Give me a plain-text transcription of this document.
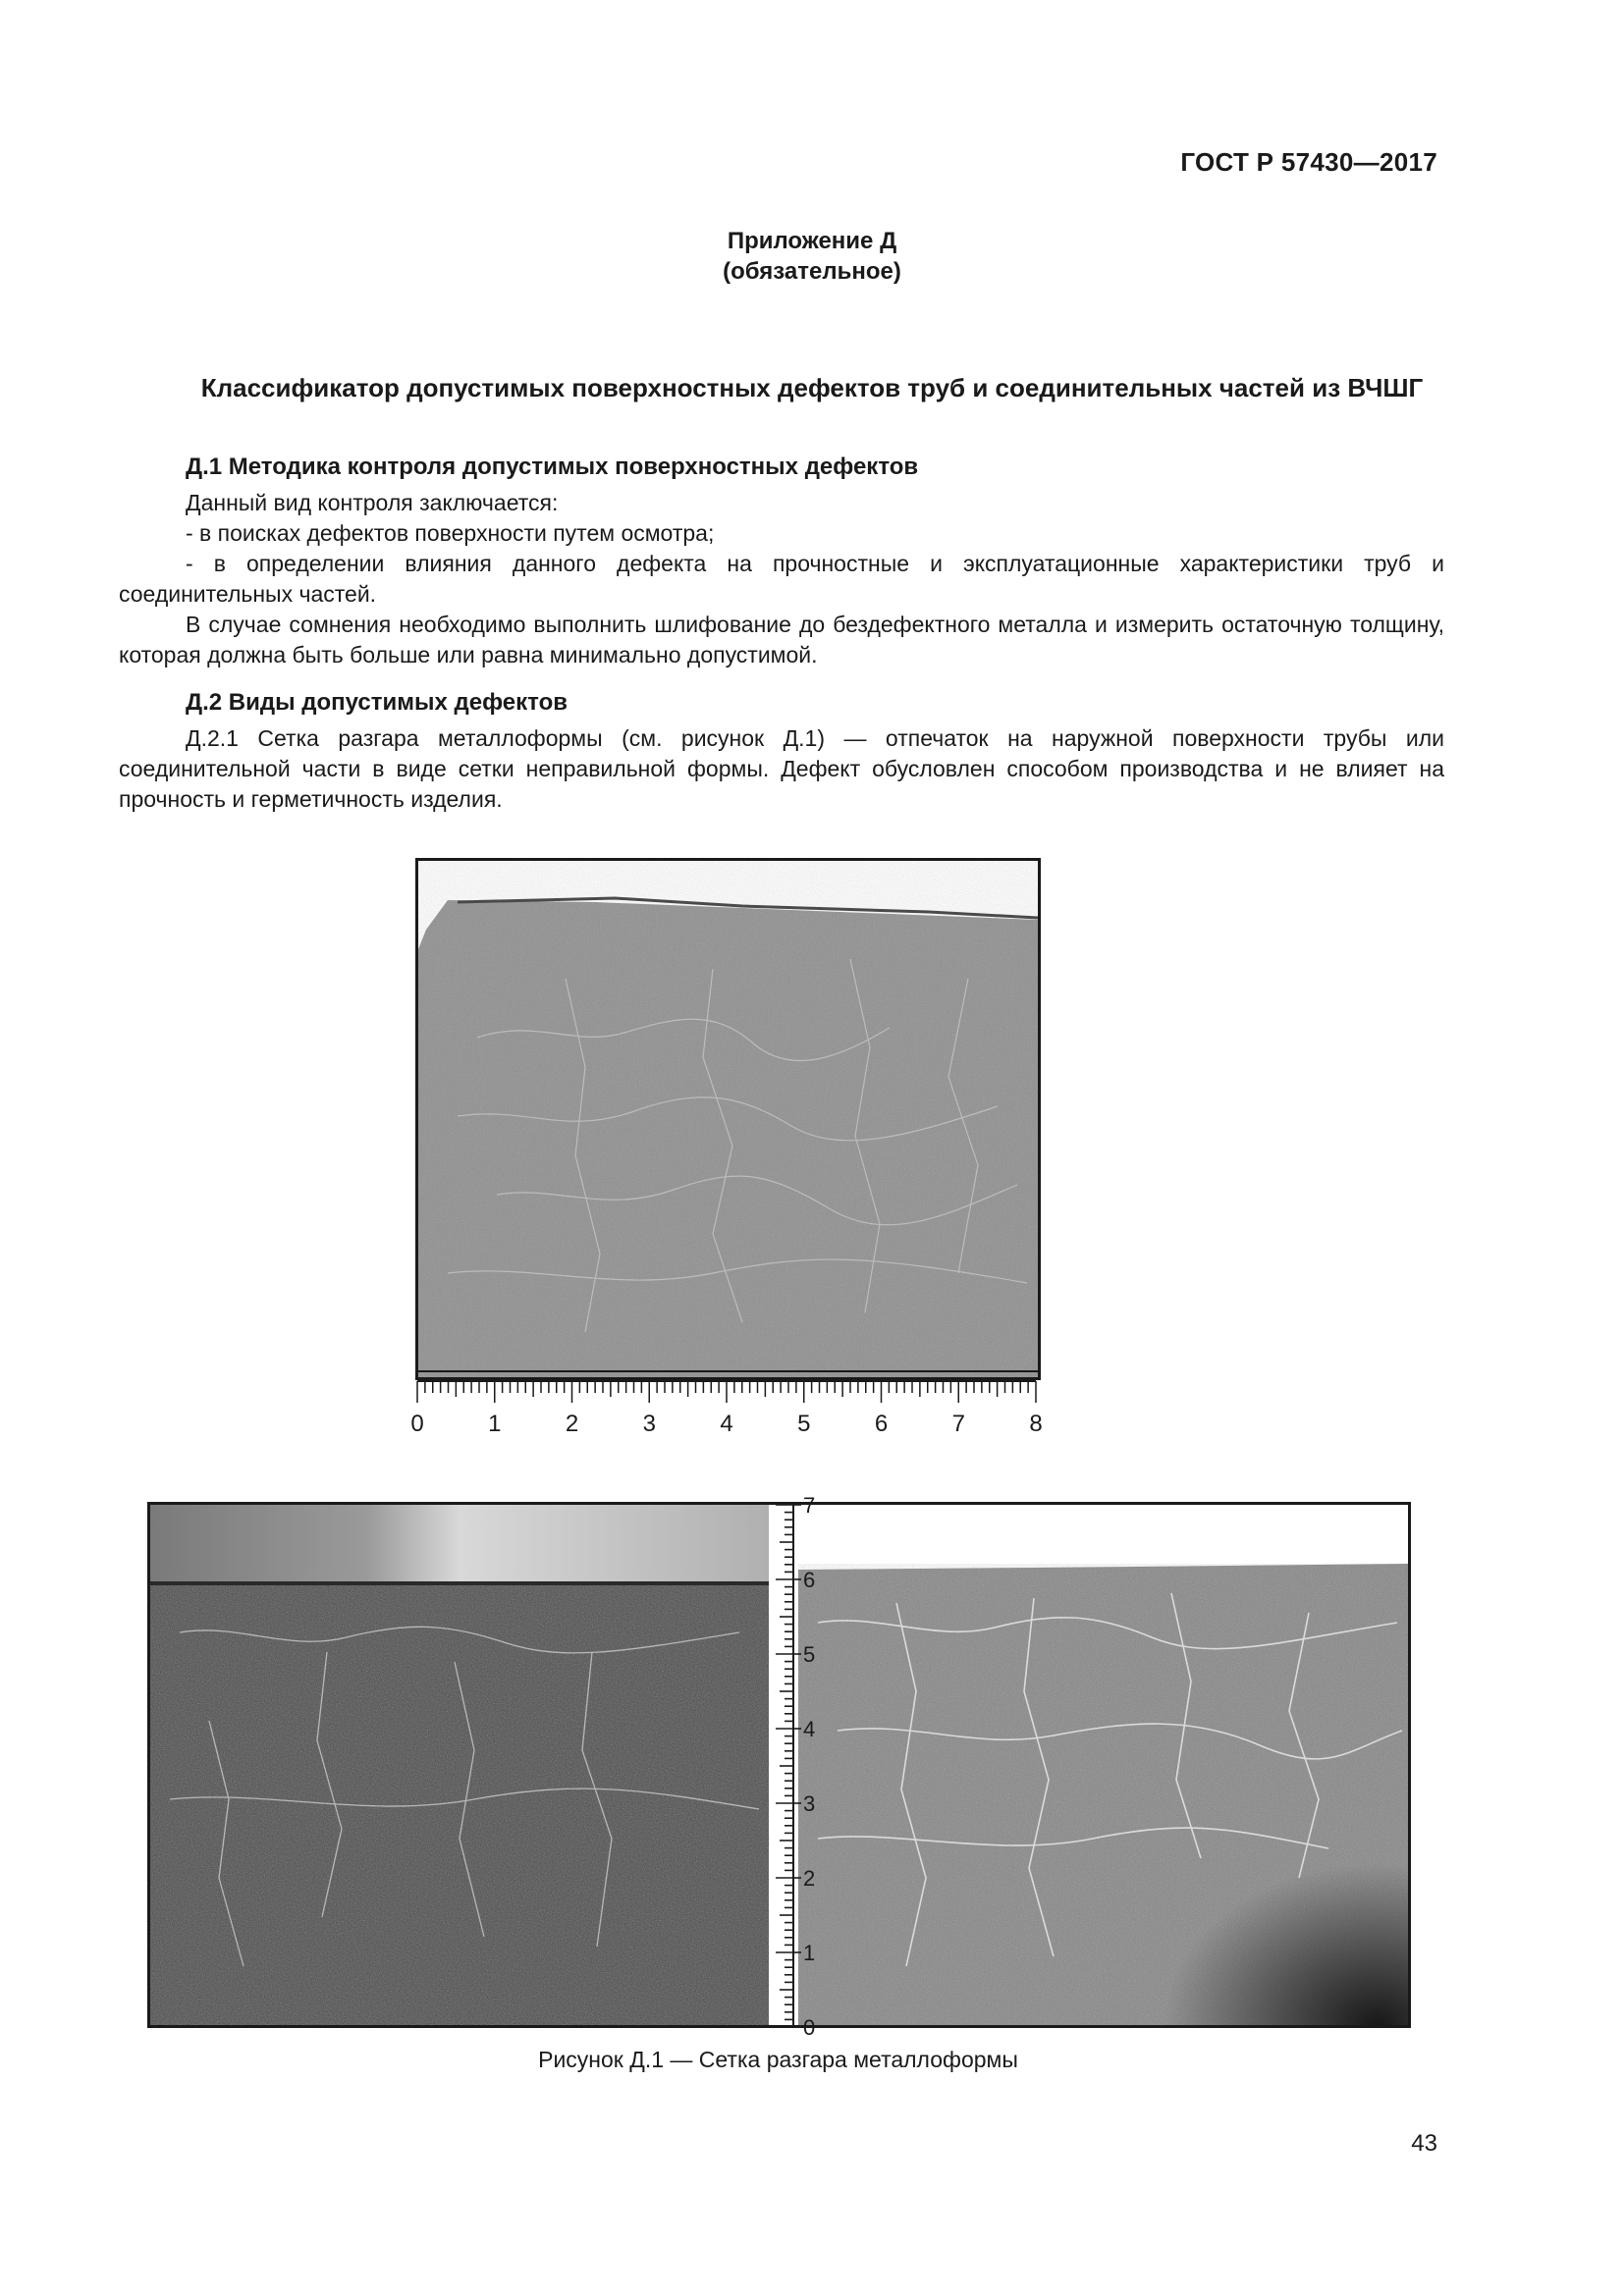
ГОСТ Р 57430—2017
Приложение Д
(обязательное)
Классификатор допустимых поверхностных дефектов труб и соединительных частей из ВЧШГ
Д.1 Методика контроля допустимых поверхностных дефектов

Данный вид контроля заключается:

- в поисках дефектов поверхности путем осмотра;

- в определении влияния данного дефекта на прочностные и эксплуатационные характеристики труб и соединительных частей.

В случае сомнения необходимо выполнить шлифование до бездефектного металла и измерить остаточную толщину, которая должна быть больше или равна минимально допустимой.

Д.2 Виды допустимых дефектов

Д.2.1 Сетка разгара металлоформы (см. рисунок Д.1) — отпечаток на наружной поверхности трубы или соединительной части в виде сетки неправильной формы. Дефект обусловлен способом производства и не влияет на прочность и герметичность изделия.

0	1	2	3	4	5	6	7	8
0
1
2
3
4
5
6
7
Рисунок Д.1 — Сетка разгара металлоформы
43
